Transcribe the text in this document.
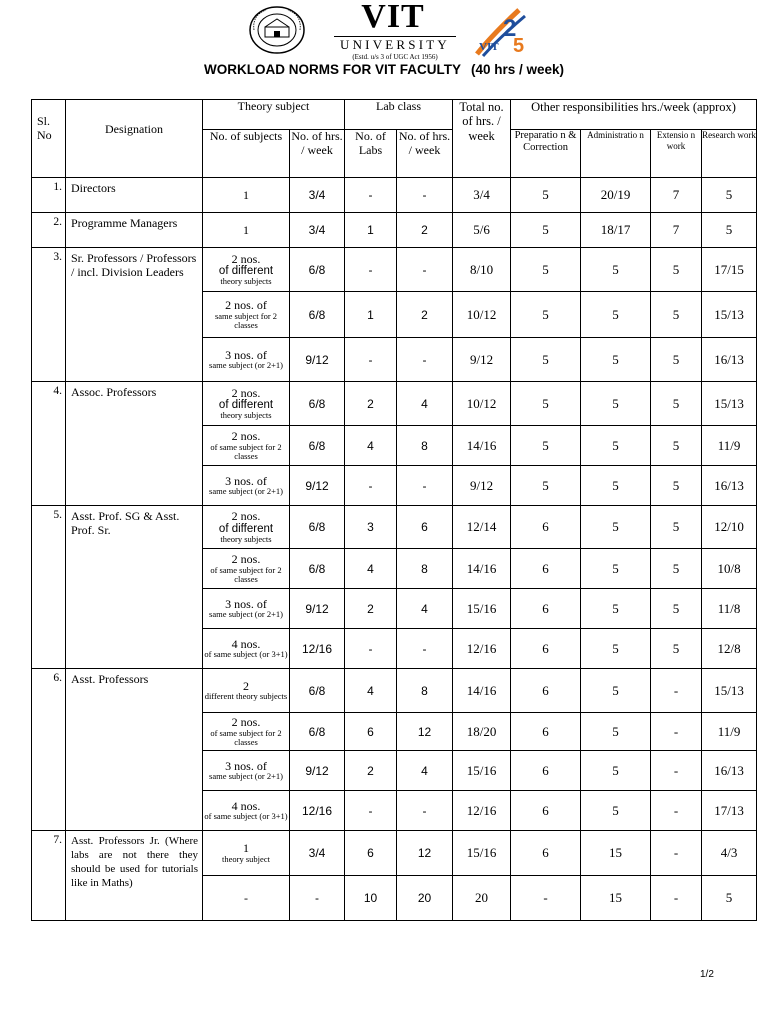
VIT
UNIVERSITY
(Estd. u/s 3 of UGC Act 1956)
2
5
VIT
WORKLOAD NORMS FOR VIT FACULTY (40 hrs / week)
Sl. No	Designation	Theory subject		Lab class		Total no. of hrs. / week	Other responsibilities hrs./week (approx)			
		No. of subjects	No. of hrs. / week	No. of Labs	No. of hrs. / week		Preparatio n & Correction	Administratio n	Extensio n work	Research work
1.	Directors	1	3/4	-	-	3/4	5	20/19	7	5
2.	Programme Managers	1	3/4	1	2	5/6	5	18/17	7	5
3.	Sr. Professors / Professors / incl. Division Leaders	2 nos.
of different
theory subjects	6/8	-	-	8/10	5	5	5	17/15

		2 nos. of
same subject for 2 classes	6/8	1	2	10/12	5	5	5	15/13

		3 nos. of
same subject (or 2+1)	9/12	-	-	9/12	5	5	5	16/13
4.	Assoc. Professors	2 nos.
of different
theory subjects	6/8	2	4	10/12	5	5	5	15/13

		2 nos.
of same subject for 2 classes	6/8	4	8	14/16	5	5	5	11/9

		3 nos. of
same subject (or 2+1)	9/12	-	-	9/12	5	5	5	16/13
5.	Asst. Prof. SG & Asst. Prof. Sr.	2 nos.
of different
theory subjects	6/8	3	6	12/14	6	5	5	12/10

		2 nos.
of same subject for 2 classes	6/8	4	8	14/16	6	5	5	10/8

		3 nos. of
same subject (or 2+1)	9/12	2	4	15/16	6	5	5	11/8

		4 nos.
of same subject (or 3+1)	12/16	-	-	12/16	6	5	5	12/8
6.	Asst. Professors	2
different theory subjects	6/8	4	8	14/16	6	5	-	15/13

		2 nos.
of same subject for 2 classes	6/8	6	12	18/20	6	5	-	11/9

		3 nos. of
same subject (or 2+1)	9/12	2	4	15/16	6	5	-	16/13

		4 nos.
of same subject (or 3+1)	12/16	-	-	12/16	6	5	-	17/13
7.	Asst. Professors Jr. (Where labs are not there they should be used for tutorials like in Maths)	1
theory subject	3/4	6	12	15/16	6	15	-	4/3

		-	-	10	20	20	-	15	-	5
1/2
